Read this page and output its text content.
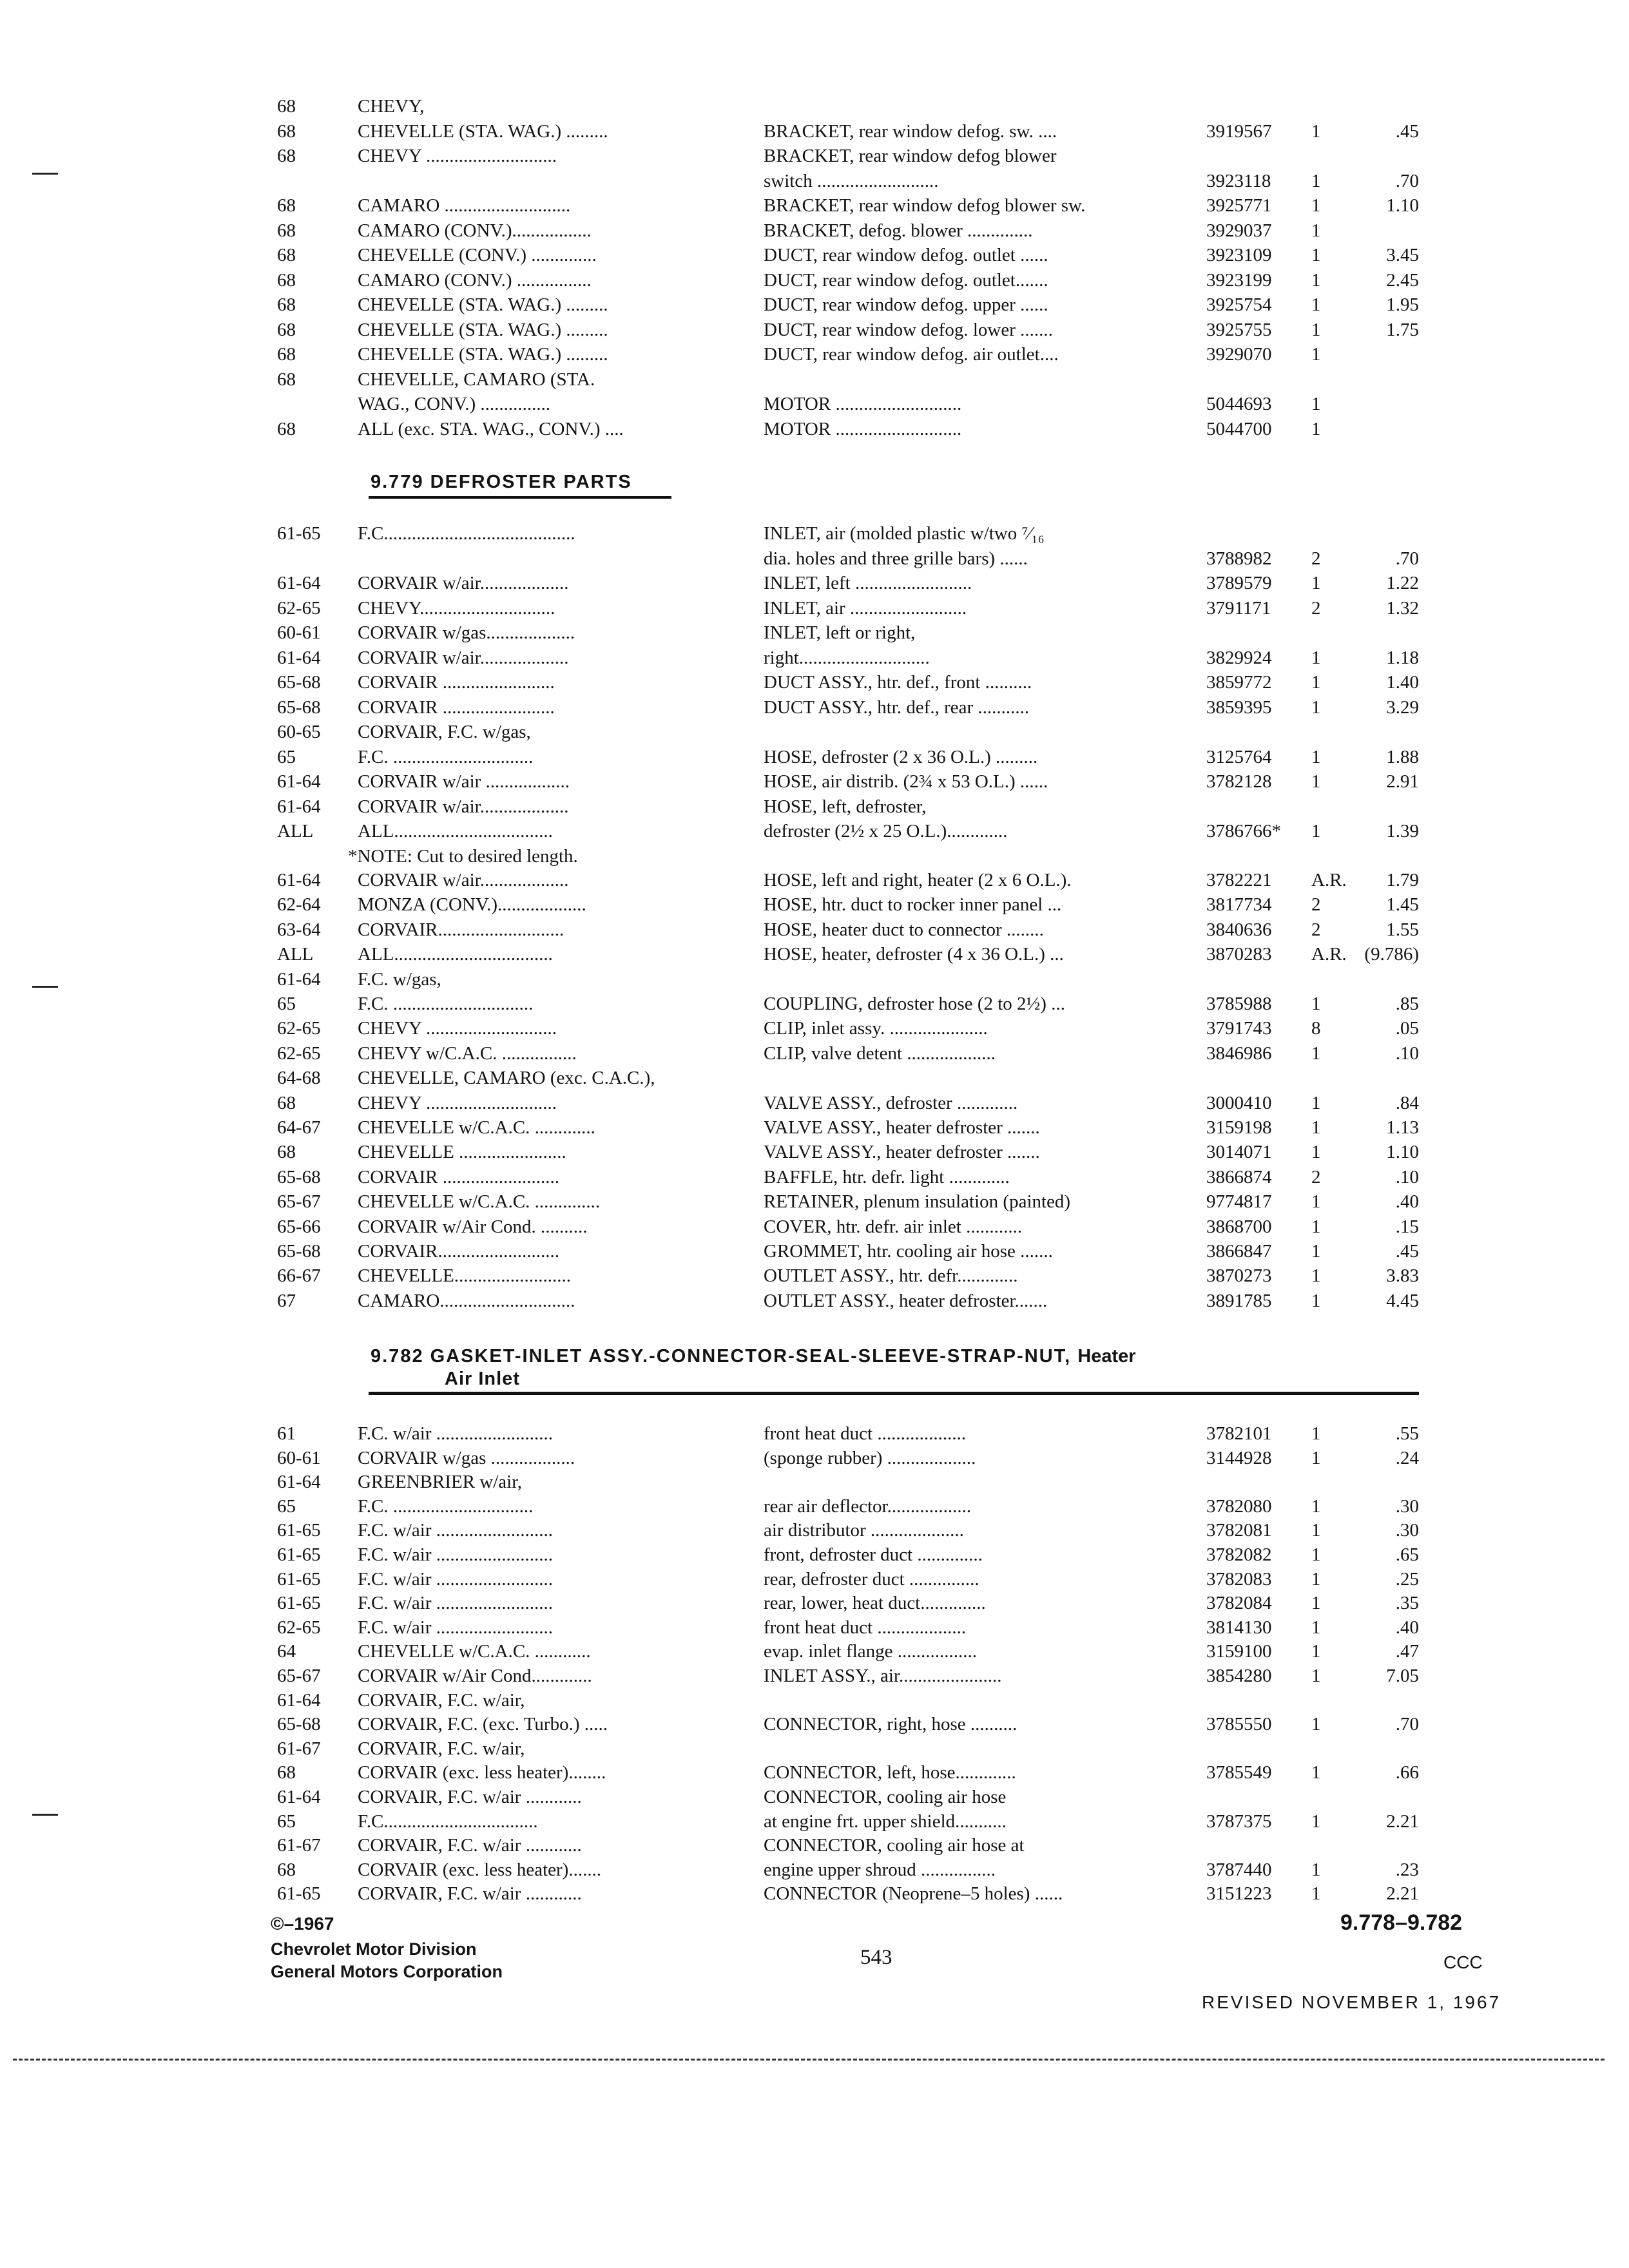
68	CHEVY,
68	CHEVELLE (STA. WAG.) .........	BRACKET, rear window defog. sw. ....	3919567	1	.45
68	CHEVY ............................	BRACKET, rear window defog blower
switch ..........................	3923118	1	.70
68	CAMARO ...........................	BRACKET, rear window defog blower sw.	3925771	1	1.10
68	CAMARO (CONV.).................	BRACKET, defog. blower ..............	3929037	1
68	CHEVELLE (CONV.) ..............	DUCT, rear window defog. outlet ......	3923109	1	3.45
68	CAMARO (CONV.) ................	DUCT, rear window defog. outlet.......	3923199	1	2.45
68	CHEVELLE (STA. WAG.) .........	DUCT, rear window defog. upper ......	3925754	1	1.95
68	CHEVELLE (STA. WAG.) .........	DUCT, rear window defog. lower .......	3925755	1	1.75
68	CHEVELLE (STA. WAG.) .........	DUCT, rear window defog. air outlet....	3929070	1
68	CHEVELLE, CAMARO (STA.
WAG., CONV.) ...............	MOTOR ...........................	5044693	1
68	ALL (exc. STA. WAG., CONV.) ....	MOTOR ...........................	5044700	1
9.779 DEFROSTER PARTS
61-65	F.C.........................................	INLET, air (molded plastic w/two ⁷⁄₁₆
dia. holes and three grille bars) ......	3788982	2	.70
61-64	CORVAIR w/air...................	INLET, left .........................	3789579	1	1.22
62-65	CHEVY.............................	INLET, air .........................	3791171	2	1.32
60-61	CORVAIR w/gas...................	INLET, left or right,
61-64	CORVAIR w/air...................	right............................	3829924	1	1.18
65-68	CORVAIR ........................	DUCT ASSY., htr. def., front ..........	3859772	1	1.40
65-68	CORVAIR ........................	DUCT ASSY., htr. def., rear ...........	3859395	1	3.29
60-65	CORVAIR, F.C. w/gas,
65	F.C. ..............................	HOSE, defroster (2 x 36 O.L.) .........	3125764	1	1.88
61-64	CORVAIR w/air ..................	HOSE, air distrib. (2¾ x 53 O.L.) ......	3782128	1	2.91
61-64	CORVAIR w/air...................	HOSE, left, defroster,
ALL	ALL..................................	defroster (2½ x 25 O.L.).............	3786766*	1	1.39
*NOTE: Cut to desired length.
61-64	CORVAIR w/air...................	HOSE, left and right, heater (2 x 6 O.L.).	3782221	A.R.	1.79
62-64	MONZA (CONV.)...................	HOSE, htr. duct to rocker inner panel ...	3817734	2	1.45
63-64	CORVAIR...........................	HOSE, heater duct to connector ........	3840636	2	1.55
ALL	ALL..................................	HOSE, heater, defroster (4 x 36 O.L.) ...	3870283	A.R. (9.786)
61-64	F.C. w/gas,
65	F.C. ..............................	COUPLING, defroster hose (2 to 2½) ...	3785988	1	.85
62-65	CHEVY ............................	CLIP, inlet assy. .....................	3791743	8	.05
62-65	CHEVY w/C.A.C. ................	CLIP, valve detent ...................	3846986	1	.10
64-68	CHEVELLE, CAMARO (exc. C.A.C.),
68	CHEVY ............................	VALVE ASSY., defroster .............	3000410	1	.84
64-67	CHEVELLE w/C.A.C. .............	VALVE ASSY., heater defroster .......	3159198	1	1.13
68	CHEVELLE .......................	VALVE ASSY., heater defroster .......	3014071	1	1.10
65-68	CORVAIR .........................	BAFFLE, htr. defr. light .............	3866874	2	.10
65-67	CHEVELLE w/C.A.C. ..............	RETAINER, plenum insulation (painted)	9774817	1	.40
65-66	CORVAIR w/Air Cond. ..........	COVER, htr. defr. air inlet ............	3868700	1	.15
65-68	CORVAIR..........................	GROMMET, htr. cooling air hose .......	3866847	1	.45
66-67	CHEVELLE.........................	OUTLET ASSY., htr. defr.............	3870273	1	3.83
67	CAMARO.............................	OUTLET ASSY., heater defroster.......	3891785	1	4.45
9.782 GASKET-INLET ASSY.-CONNECTOR-SEAL-SLEEVE-STRAP-NUT, Heater
Air Inlet
61	F.C. w/air .........................	front heat duct ...................	3782101	1	.55
60-61	CORVAIR w/gas ..................	(sponge rubber) ...................	3144928	1	.24
61-64	GREENBRIER w/air,
65	F.C. ..............................	rear air deflector..................	3782080	1	.30
61-65	F.C. w/air .........................	air distributor ....................	3782081	1	.30
61-65	F.C. w/air .........................	front, defroster duct ..............	3782082	1	.65
61-65	F.C. w/air .........................	rear, defroster duct ...............	3782083	1	.25
61-65	F.C. w/air .........................	rear, lower, heat duct..............	3782084	1	.35
62-65	F.C. w/air .........................	front heat duct ...................	3814130	1	.40
64	CHEVELLE w/C.A.C. ............	evap. inlet flange .................	3159100	1	.47
65-67	CORVAIR w/Air Cond.............	INLET ASSY., air......................	3854280	1	7.05
61-64	CORVAIR, F.C. w/air,
65-68	CORVAIR, F.C. (exc. Turbo.) .....	CONNECTOR, right, hose ..........	3785550	1	.70
61-67	CORVAIR, F.C. w/air,
68	CORVAIR (exc. less heater)........	CONNECTOR, left, hose.............	3785549	1	.66
61-64	CORVAIR, F.C. w/air ............	CONNECTOR, cooling air hose
65	F.C.................................	at engine frt. upper shield...........	3787375	1	2.21
61-67	CORVAIR, F.C. w/air ............	CONNECTOR, cooling air hose at
68	CORVAIR (exc. less heater).......	engine upper shroud ................	3787440	1	.23
61-65	CORVAIR, F.C. w/air ............	CONNECTOR (Neoprene–5 holes) ......	3151223	1	2.21
©–1967
Chevrolet Motor Division
General Motors Corporation
543
9.778–9.782
CCC
REVISED NOVEMBER 1, 1967
